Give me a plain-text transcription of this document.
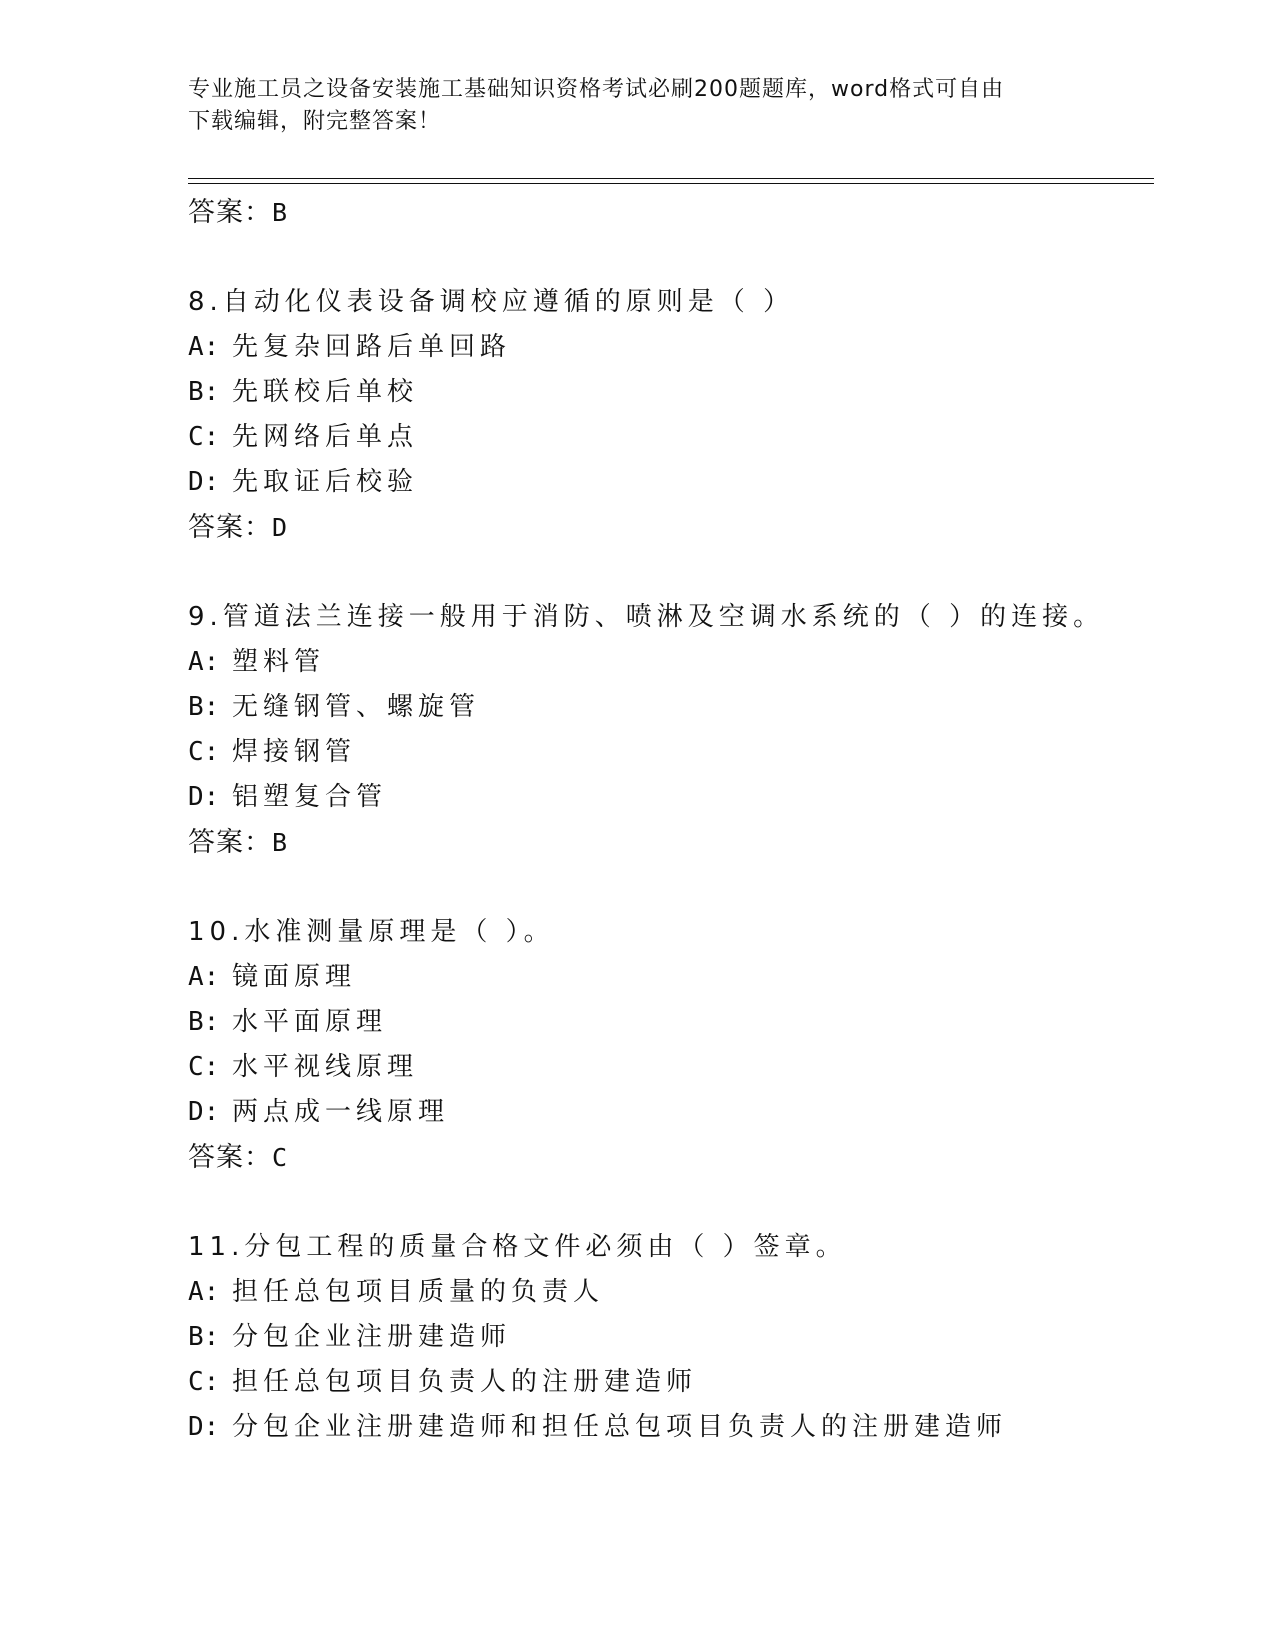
专业施工员之设备安装施工基础知识资格考试必刷200题题库，word格式可自由
下载编辑，附完整答案！
答案：B
8.自动化仪表设备调校应遵循的原则是（ ）
A: 先复杂回路后单回路
B: 先联校后单校
C: 先网络后单点
D: 先取证后校验
答案：D
9.管道法兰连接一般用于消防、喷淋及空调水系统的（ ）的连接。
A: 塑料管
B: 无缝钢管、螺旋管
C: 焊接钢管
D: 铝塑复合管
答案：B
10.水准测量原理是（ ）。
A: 镜面原理
B: 水平面原理
C: 水平视线原理
D: 两点成一线原理
答案：C
11.分包工程的质量合格文件必须由（ ）签章。
A: 担任总包项目质量的负责人
B: 分包企业注册建造师
C: 担任总包项目负责人的注册建造师
D: 分包企业注册建造师和担任总包项目负责人的注册建造师
